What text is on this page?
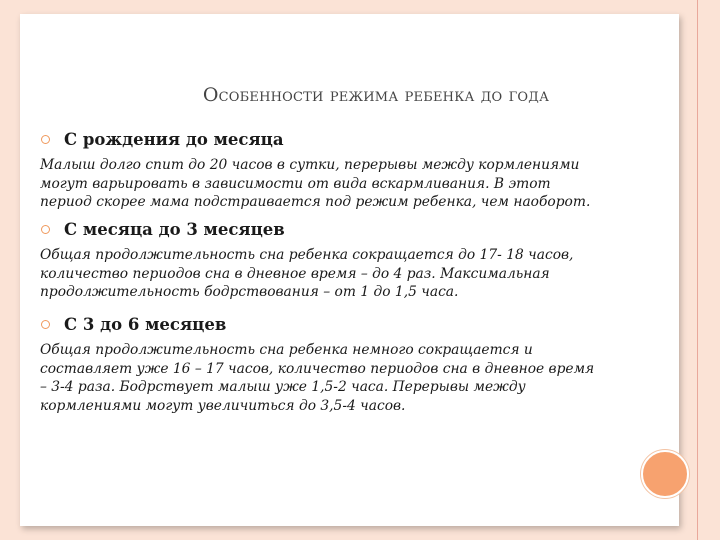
Особенности режима ребенка до года
С рождения до месяца
Малыш долго спит до 20 часов в сутки, перерывы между кормлениями
могут варьировать в зависимости от вида вскармливания. В этот
период скорее мама подстраивается под режим ребенка, чем наоборот.
С месяца до 3 месяцев
Общая продолжительность сна ребенка сокращается до 17- 18 часов,
количество периодов сна в дневное время – до 4 раз. Максимальная
продолжительность бодрствования – от 1 до 1,5 часа.
С 3 до 6 месяцев
Общая продолжительность сна ребенка немного сокращается и
составляет уже 16 – 17 часов, количество периодов сна в дневное время
– 3-4 раза. Бодрствует малыш уже 1,5-2 часа. Перерывы между
кормлениями могут увеличиться до 3,5-4 часов.
